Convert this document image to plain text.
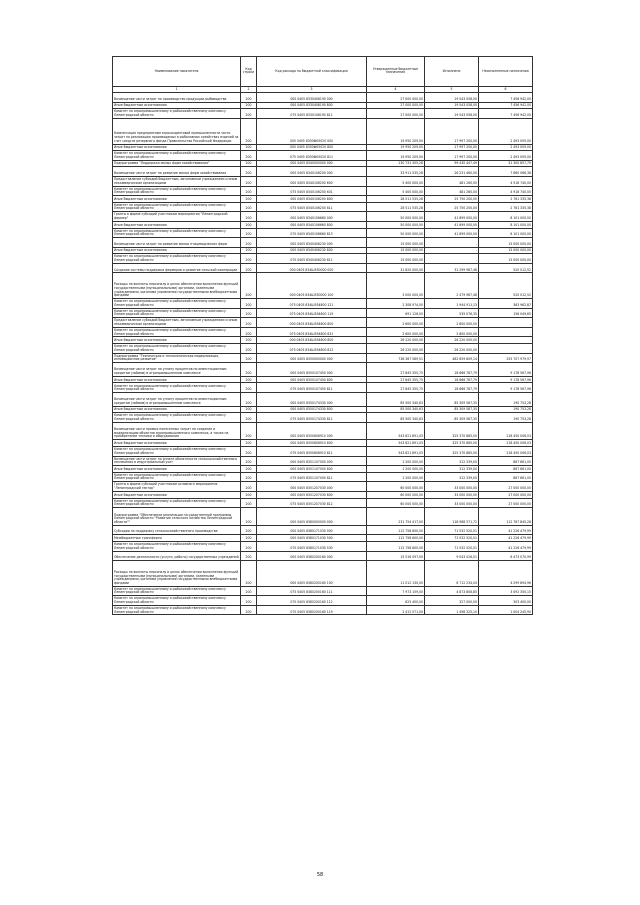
Наименование показателя	Код строки	Код расхода по бюджетной классификации	Утвержденные бюджетные назначения	Исполнено	Неисполненные назначения
1	2	3	4	5	6
Возмещение части затрат на производство продукции рыбоводства	200	000 0405 8330406190 000	27 000 000,00	19 543 058,00	7 456 942,00
Иные бюджетные ассигнования	200	000 0405 8330406190 800	27 000 000,00	19 543 058,00	7 456 942,00
Комитет по агропромышленному и рыбохозяйственному комплексу Ленинградской области	200	075 0405 8330106190 811	27 000 000,00	19 543 058,00	7 456 942,00
Компенсация предприятиям агрохолдинговой промышленности части затрат на реализацию производимых в рыболовных хозяйствах изделий за счет средств резервного фонда Правительства Российской Федерации	200	000 0405 8330Ф05020 000	19 950 209,00	17 997 200,00	2 493 009,00
Иные бюджетные ассигнования	200	000 0405 8330Ф05020 800	19 950 209,00	17 997 200,00	2 493 009,00
Комитет по агропромышленному и рыбохозяйственному комплексу Ленинградской области	200	075 0405 8330Ф05020 811	19 950 209,00	17 997 200,00	2 493 009,00
Подпрограмма "Поддержка малых форм хозяйствования"	200	000 0405 8340000000 000	130 731 305,28	99 430 447,49	31 300 857,79
Возмещение части затрат на развитие малых форм хозяйствования	200	000 0405 8340106200 000	33 911 535,28	26 231 460,00	7 680 066,38
Предоставление субсидий бюджетным, автономным учреждениям и иным некоммерческим организациям	200	000 0405 8340106200 600	5 400 000,00	481 260,00	4 918 740,00
Комитет по агропромышленному и рыбохозяйственному комплексу Ленинградской области	200	075 0405 8340106200 631	5 400 000,00	481 260,00	4 918 740,00
Иные бюджетные ассигнования	200	000 0405 8340106200 800	28 511 535,28	25 750 200,00	2 761 335,38
Комитет по агропромышленному и рыбохозяйственному комплексу Ленинградской области	200	075 0405 8340106200 811	28 511 535,28	25 750 200,00	2 761 335,38
Гранты в форме субсидий участникам мероприятия "Ленинградский фермер"	200	000 0405 8340106660 000	50 000 000,00	41 899 000,00	8 101 000,00
Иные бюджетные ассигнования	200	000 0405 8340106660 800	50 000 000,00	41 899 000,00	8 101 000,00
Комитет по агропромышленному и рыбохозяйственному комплексу Ленинградской области	200	075 0405 8340106660 813	50 000 000,00	41 899 000,00	8 101 000,00
Возмещение части затрат на развитие малых птицеводческих ферм	200	000 0405 8340406230 000	15 000 000,00	-	15 000 000,00
Иные бюджетные ассигнования	200	000 0405 8340406230 800	15 000 000,00	-	15 000 000,00
Комитет по агропромышленному и рыбохозяйственному комплексу Ленинградской области	200	075 0405 8340406230 811	15 000 000,00	-	15 000 000,00
Создание системы поддержки фермеров и развитие сельской кооперации	200	000 0405 834Ш550000 000	31 820 000,00	31 299 987,48	520 012,52
Расходы на выплаты персоналу в целях обеспечения выполнения функций государственными (муниципальными) органами, казенными учреждениями, органами управления государственными внебюджетными фондами	200	000 0405 834Ш550000 100	3 000 000,00	2 479 987,48	520 012,52
Комитет по агропромышленному и рыбохозяйственному комплексу Ленинградской области	200	075 0405 834Ш554800 121	2 308 974,00	1 944 911,13	363 962,87
Комитет по агропромышленному и рыбохозяйственному комплексу Ленинградской области	200	075 0405 834Ш554800 119	691 126,00	535 076,35	156 049,65
Предоставление субсидий бюджетным, автономным учреждениям и иным некоммерческим организациям	200	000 0405 834Ш554800 600	2 600 000,00	2 600 000,00	-
Комитет по агропромышленному и рыбохозяйственному комплексу Ленинградской области	200	075 0405 834Ш554800 631	2 600 000,00	2 600 000,00	-
Иные бюджетные ассигнования	200	000 0405 834Ш554800 800	26 220 000,00	26 220 000,00	-
Комитет по агропромышленному и рыбохозяйственному комплексу Ленинградской области	200	075 0405 834Ш554800 812	26 220 000,00	26 220 000,00	-
Подпрограмма "Техническая и технологическая модернизация, инновационное развитие"	200	000 0405 8350000000 000	738 367 589,51	482 659 609,14	255 707 979,97
Возмещение части затрат на уплату процентов по инвестиционным кредитам (займам) в агропромышленном комплексе	200	000 0405 8350107450 000	27 845 355,75	18 666 787,79	9 178 567,96
Иные бюджетные ассигнования	200	000 0405 8350107450 800	27 845 355,75	18 666 787,79	9 178 567,96
Комитет по агропромышленному и рыбохозяйственному комплексу Ленинградской области	200	075 0405 8350107450 811	27 845 355,75	18 666 787,79	9 178 567,96
Возмещение части затрат на уплату процентов по инвестиционным кредитам (займам) в агропромышленном комплексе	200	000 0405 8350174330 000	85 500 340,63	85 309 587,35	190 753,28
Иные бюджетные ассигнования	200	000 0405 8350174330 800	85 500 340,63	85 309 587,35	190 753,28
Комитет по агропромышленному и рыбохозяйственному комплексу Ленинградской области	200	075 0405 8350174330 811	85 500 340,63	85 309 587,35	190 753,28
Возмещение части прямых понесенных затрат на создание и модернизацию объектов агропромышленного комплекса, а также на приобретение техники и оборудования	200	000 0405 8350606910 000	543 821 891,03	325 370 885,00	218 450 006,03
Иные бюджетные ассигнования	200	000 0405 8350606910 800	543 821 891,03	325 370 885,00	218 450 006,03
Комитет по агропромышленному и рыбохозяйственному комплексу Ленинградской области	200	075 0405 8350606910 811	543 821 891,03	325 370 885,00	218 450 006,03
Возмещение части затрат по оплате обязательств сельскохозяйственного назначения в индустриальный учет	200	000 0405 8351107000 000	1 200 000,00	312 339,00	887 661,00
Иные бюджетные ассигнования	200	000 0405 8351107000 800	1 200 000,00	312 339,00	887 661,00
Комитет по агропромышленному и рыбохозяйственному комплексу Ленинградской области	200	075 0405 8351107000 811	1 200 000,00	312 339,00	887 661,00
Гранты в форме субсидий участникам основного мероприятия "Ленинградский гектар"	200	000 0405 8351207030 000	60 000 000,00	33 000 000,00	27 000 000,00
Иные бюджетные ассигнования	200	000 0405 8351207030 800	60 000 000,00	33 000 000,00	27 000 000,00
Комитет по агропромышленному и рыбохозяйственному комплексу Ленинградской области	200	075 0405 8351207030 812	60 000 000,00	33 000 000,00	27 000 000,00
Подпрограмма "Обеспечение реализации государственной программы Ленинградской области "Развитие сельского хозяйства Ленинградской области""	200	000 0405 8380000000 000	231 754 417,00	118 988 571,72	112 767 845,28
Субсидии на поддержку сельскохозяйственного производства	200	000 0405 8380171030 000	112 758 600,00	71 532 520,01	41 226 479,99
Межбюджетные трансферты	200	000 0405 8380171030 500	112 758 600,00	71 532 520,01	41 226 479,99
Комитет по агропромышленному и рыбохозяйственному комплексу Ленинградской области	200	075 0405 8380171030 530	112 758 600,00	71 532 520,01	41 226 479,99
Обеспечение деятельности (услуги, работы) государственных учреждений	200	000 0405 8380200160 000	15 516 097,00	9 043 026,01	6 473 070,99
Расходы на выплаты персоналу в целях обеспечения выполнения функций государственными (муниципальными) органами, казенными учреждениями, органами управления государственными внебюджетными фондами	200	000 0405 8380200160 100	11 012 130,00	6 712 234,04	4 299 894,96
Комитет по агропромышленному и рыбохозяйственному комплексу Ленинградской области	200	075 0405 8380200160 111	7 973 159,00	4 873 808,85	3 092 350,15
Комитет по агропромышленному и рыбохозяйственному комплексу Ленинградской области	200	075 0405 8380200160 112	625 400,00	327 000,00	303 400,00
Комитет по агропромышленному и рыбохозяйственному комплексу Ленинградской области	200	075 0405 8380200160 119	2 412 571,00	1 498 325,10	1 004 245,90
58
